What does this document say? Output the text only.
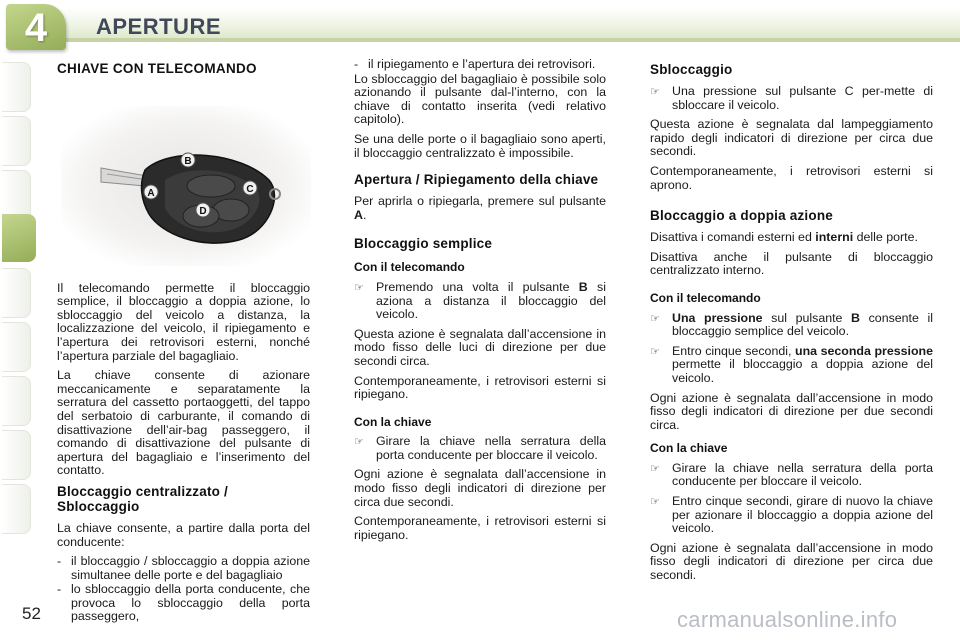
4	APERTURE
CHIAVE CON TELECOMANDO
B
C
A
D

Il telecomando permette il bloccaggio semplice, il bloccaggio a doppia azione, lo sbloccaggio del veicolo a distanza, la localizzazione del veicolo, il ripiegamento e l’apertura dei retrovisori esterni, nonché l’apertura parziale del bagagliaio.

La chiave consente di azionare meccanicamente e separatamente la serratura del cassetto portaoggetti, del tappo del serbatoio di carburante, il comando di disattivazione dell’air-bag passeggero, il comando di disattivazione del pulsante di apertura del bagagliaio e l’inserimento del contatto.

Bloccaggio centralizzato / Sbloccaggio

La chiave consente, a partire dalla porta del conducente:

- il bloccaggio / sbloccaggio a doppia azione simultanee delle porte e del bagagliaio
- lo sbloccaggio della porta conducente, che provoca lo sbloccaggio della porta passeggero,
- il ripiegamento e l’apertura dei retrovisori.

Lo sbloccaggio del bagagliaio è possibile solo azionando il pulsante dal-l’interno, con la chiave di contatto inserita (vedi relativo capitolo).

Se una delle porte o il bagagliaio sono aperti, il bloccaggio centralizzato è impossibile.

Apertura / Ripiegamento della chiave

Per aprirla o ripiegarla, premere sul pulsante A.

Bloccaggio semplice
Con il telecomando
☞ Premendo una volta il pulsante B si aziona a distanza il bloccaggio del veicolo.

Questa azione è segnalata dall’accensione in modo fisso delle luci di direzione per due secondi circa.

Contemporaneamente, i retrovisori esterni si ripiegano.

Con la chiave
☞ Girare la chiave nella serratura della porta conducente per bloccare il veicolo.

Ogni azione è segnalata dall’accensione in modo fisso degli indicatori di direzione per circa due secondi.

Contemporaneamente, i retrovisori esterni si ripiegano.

Sbloccaggio
☞ Una pressione sul pulsante C per-mette di sbloccare il veicolo.

Questa azione è segnalata dal lampeggiamento rapido degli indicatori di direzione per circa due secondi.

Contemporaneamente, i retrovisori esterni si aprono.

Bloccaggio a doppia azione

Disattiva i comandi esterni ed interni delle porte.

Disattiva anche il pulsante di bloccaggio centralizzato interno.

Con il telecomando
☞ Una pressione sul pulsante B consente il bloccaggio semplice del veicolo.
☞ Entro cinque secondi, una seconda pressione permette il bloccaggio a doppia azione del veicolo.

Ogni azione è segnalata dall’accensione in modo fisso degli indicatori di direzione per due secondi circa.

Con la chiave
☞ Girare la chiave nella serratura della porta conducente per bloccare il veicolo.
☞ Entro cinque secondi, girare di nuovo la chiave per azionare il bloccaggio a doppia azione del veicolo.

Ogni azione è segnalata dall’accensione in modo fisso degli indicatori di direzione per circa due secondi.

52	carmanualsonline.info
